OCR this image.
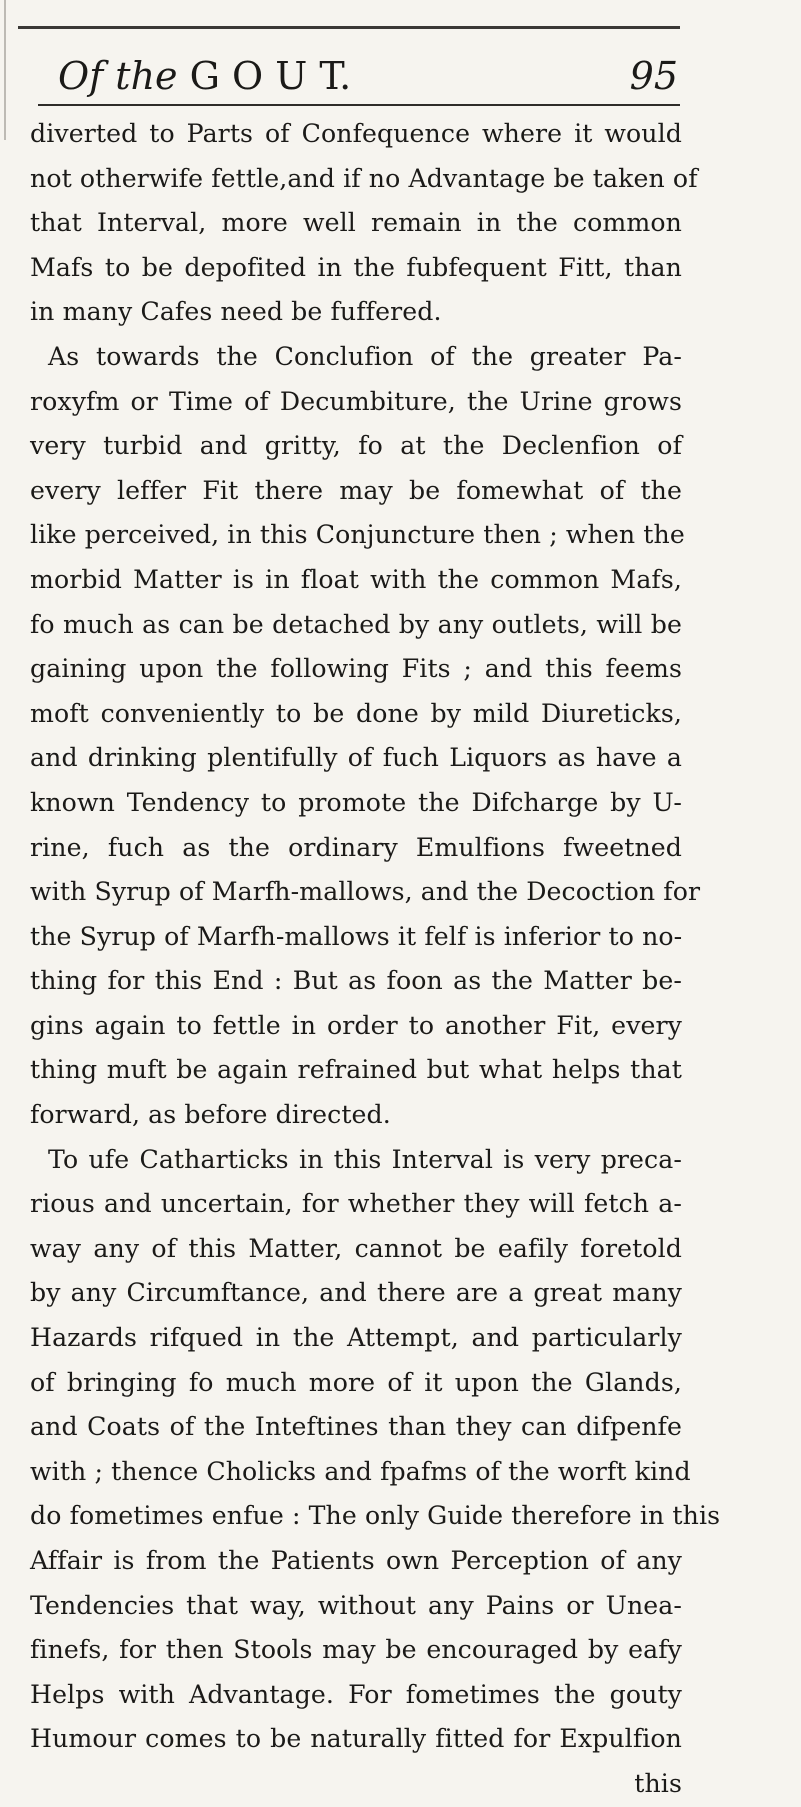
Of the G O U T.	95
diverted to Parts of Confequence where it would
not otherwife fettle,and if no Advantage be taken of
that Interval, more well remain in the common
Mafs to be depofited in the fubfequent Fitt, than
in many Cafes need be fuffered.
As towards the Conclufion of the greater Pa-
roxyfm or Time of Decumbiture, the Urine grows
very turbid and gritty, fo at the Declenfion of
every leffer Fit there may be fomewhat of the
like perceived, in this Conjuncture then ; when the
morbid Matter is in float with the common Mafs,
fo much as can be detached by any outlets, will be
gaining upon the following Fits ; and this feems
moft conveniently to be done by mild Diureticks,
and drinking plentifully of fuch Liquors as have a
known Tendency to promote the Difcharge by U-
rine, fuch as the ordinary Emulfions fweetned
with Syrup of Marfh-mallows, and the Decoction for
the Syrup of Marfh-mallows it felf is inferior to no-
thing for this End : But as foon as the Matter be-
gins again to fettle in order to another Fit, every
thing muft be again refrained but what helps that
forward, as before directed.
To ufe Catharticks in this Interval is very preca-
rious and uncertain, for whether they will fetch a-
way any of this Matter, cannot be eafily foretold
by any Circumftance, and there are a great many
Hazards rifqued in the Attempt, and particularly
of bringing fo much more of it upon the Glands,
and Coats of the Inteftines than they can difpenfe
with ; thence Cholicks and fpafms of the worft kind
do fometimes enfue : The only Guide therefore in this
Affair is from the Patients own Perception of any
Tendencies that way, without any Pains or Unea-
finefs, for then Stools may be encouraged by eafy
Helps with Advantage. For fometimes the gouty
Humour comes to be naturally fitted for Expulfion
this
